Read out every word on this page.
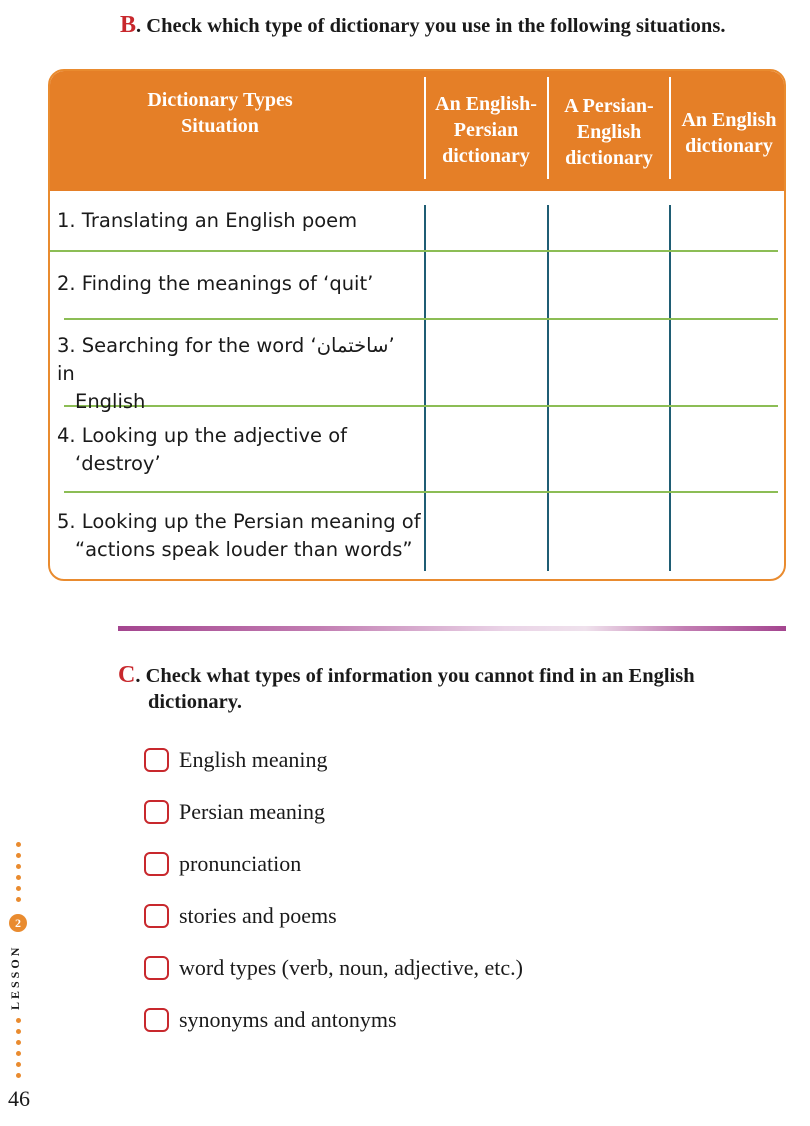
B. Check which type of dictionary you use in the following situations.
Dictionary Types
Situation
An English-
Persian
dictionary
A Persian-
English
dictionary
An English
dictionary
1. Translating an English poem
2. Finding the meanings of ‘quit’
3. Searching for the word ‘ساختمان’ in
English
4. Looking up the adjective of
‘destroy’
5. Looking up the Persian meaning of
“actions speak louder than words”
C. Check what types of information you cannot find in an English
dictionary.
English meaning
Persian meaning
pronunciation
stories and poems
word types (verb, noun, adjective, etc.)
synonyms and antonyms
2
LESSON
46
